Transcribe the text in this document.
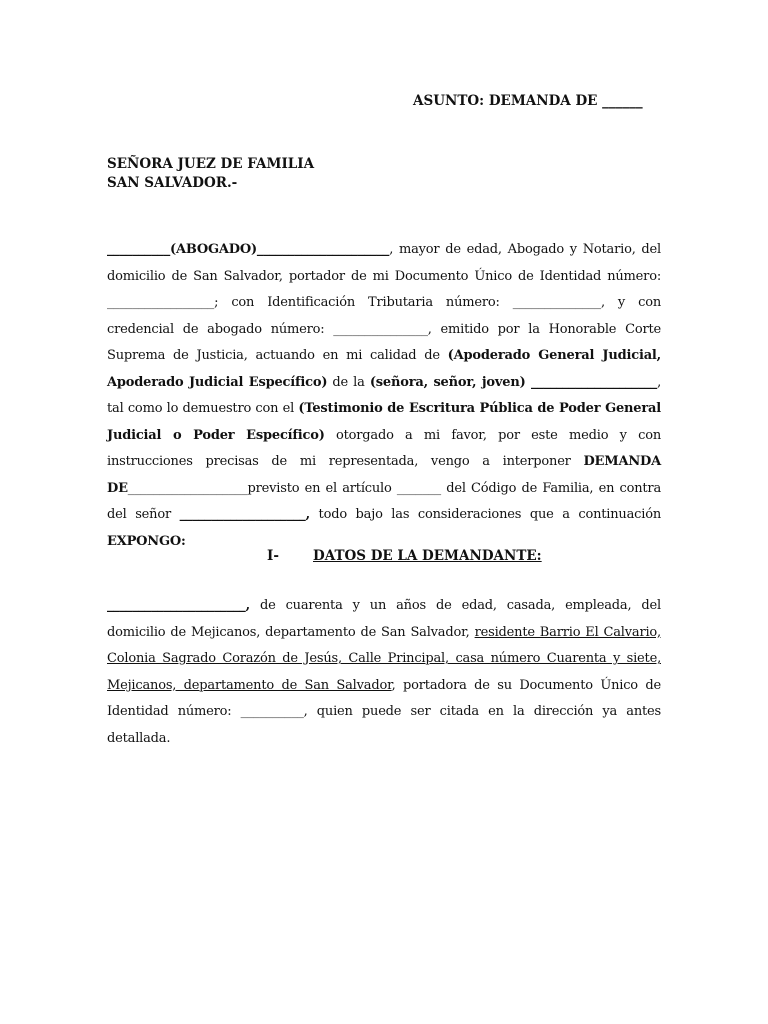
ASUNTO: DEMANDA DE ______
SEÑORA JUEZ DE FAMILIA
SAN SALVADOR.-
__________(ABOGADO)_____________________, mayor de edad, Abogado y Notario, del domicilio de San Salvador, portador de mi Documento Único de Identidad número: _________________; con Identificación Tributaria número: ______________, y con credencial de abogado número: _______________, emitido por la Honorable Corte Suprema de Justicia, actuando en mi calidad de (Apoderado General Judicial, Apoderado Judicial Específico) de la (señora, señor, joven) ____________________, tal como lo demuestro con el (Testimonio de Escritura Pública de Poder General Judicial o Poder Específico) otorgado a mi favor, por este medio y con instrucciones precisas de mi representada, vengo a interponer DEMANDA DE___________________previsto en el artículo _______ del Código de Familia, en contra del señor ____________________, todo bajo las consideraciones que a continuación EXPONGO:
I-	DATOS DE LA DEMANDANTE:
______________________, de cuarenta y un años de edad, casada, empleada, del domicilio de Mejicanos, departamento de San Salvador, residente Barrio El Calvario, Colonia Sagrado Corazón de Jesús, Calle Principal, casa número Cuarenta y siete, Mejicanos, departamento de San Salvador, portadora de su Documento Único de Identidad número: __________, quien puede ser citada en la dirección ya antes detallada.
